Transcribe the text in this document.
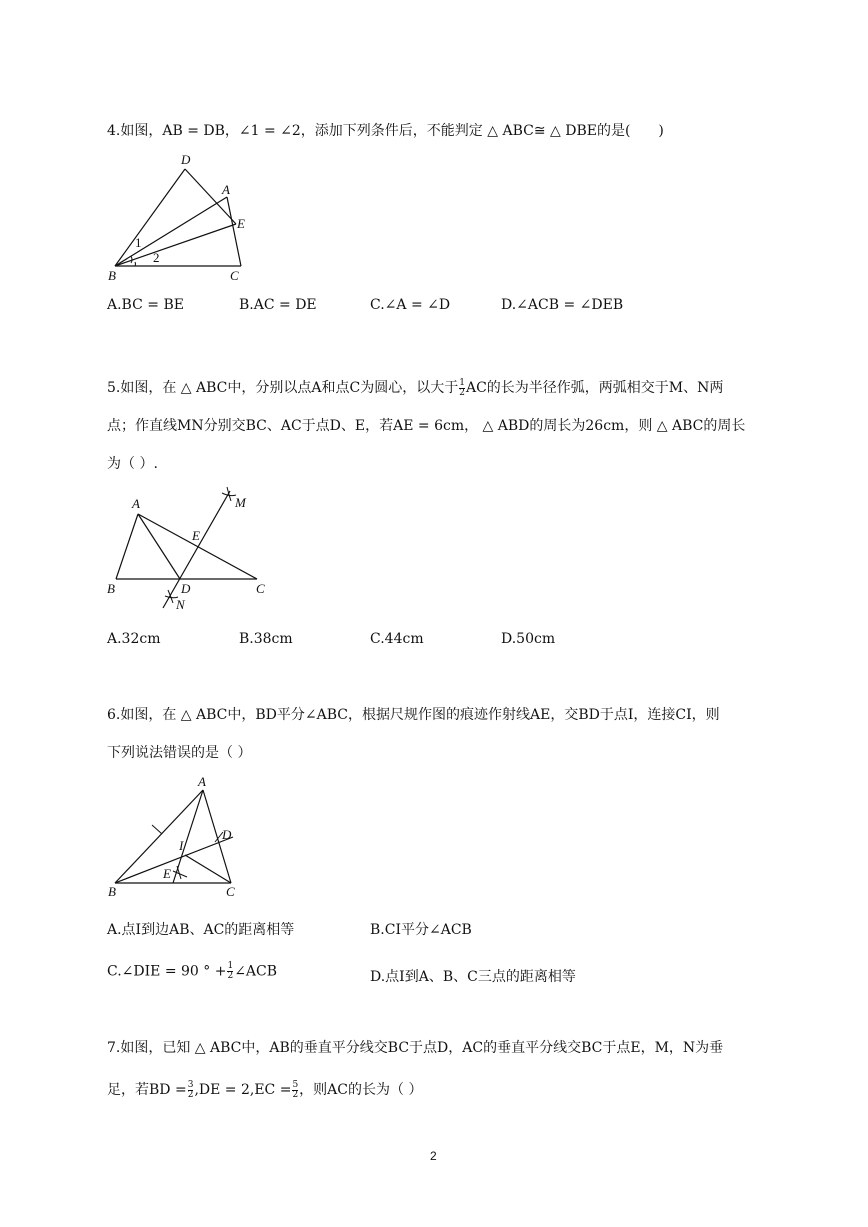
4.如图，AB = DB，∠1 = ∠2，添加下列条件后，不能判定 △ ABC≅ △ DBE的是(　　)
D
A
E
B	C
1
2
A.BC = BE	B.AC = DE	C.∠A = ∠D	D.∠ACB = ∠DEB
5.如图，在 △ ABC中，分别以点A和点C为圆心，以大于 $\frac{1}{2}$ AC的长为半径作弧，两弧相交于M、N两
点；作直线MN分别交BC、AC于点D、E，若AE = 6cm， △ ABD的周长为26cm，则 △ ABC的周长
为（ ）.
A	M
E
B	D	C
N
A.32cm	B.38cm	C.44cm	D.50cm
6.如图，在 △ ABC中，BD平分∠ABC，根据尺规作图的痕迹作射线AE，交BD于点I，连接CI，则
下列说法错误的是（ ）
A
D
I
E
B	C
A.点I到边AB、AC的距离相等	B.CI平分∠ACB
C.∠DIE = 90 ° + $\frac{1}{2}$ ∠ACB	D.点I到A、B、C三点的距离相等
7.如图，已知 △ ABC中，AB的垂直平分线交BC于点D，AC的垂直平分线交BC于点E，M，N为垂
足，若BD = $\frac{3}{2} ,DE = 2,EC = \frac{5}{2}$ ，则AC的长为（ ）
2
